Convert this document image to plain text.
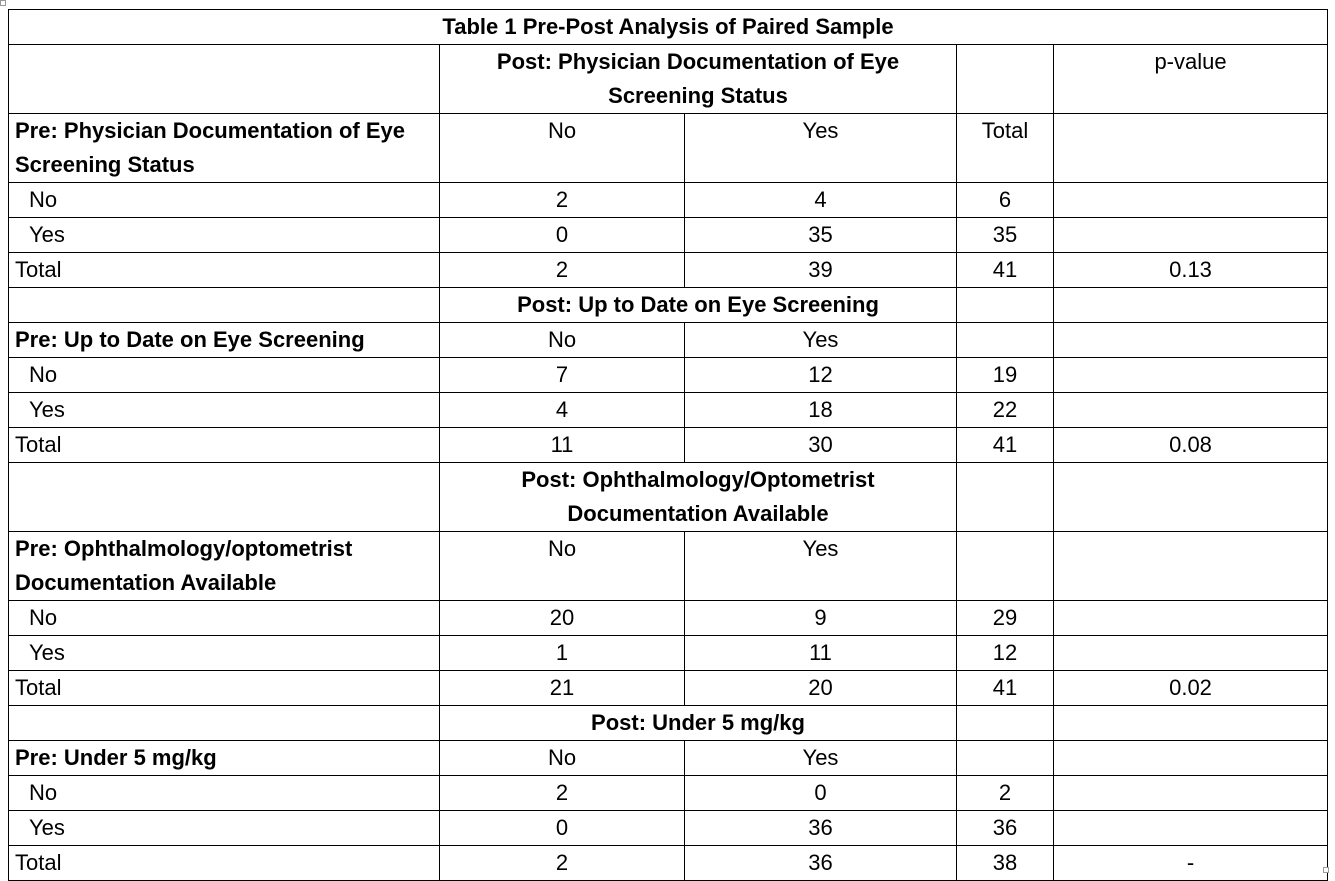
Table 1 Pre-Post Analysis of Paired Sample				
	Post: Physician Documentation of Eye Screening Status			p-value
Pre: Physician Documentation of Eye Screening Status	No	Yes	Total	
No	2	4	6	
Yes	0	35	35	
Total	2	39	41	0.13
	Post: Up to Date on Eye Screening			
Pre: Up to Date on Eye Screening	No	Yes		
No	7	12	19	
Yes	4	18	22	
Total	11	30	41	0.08
	Post: Ophthalmology/Optometrist Documentation Available			
Pre: Ophthalmology/optometrist Documentation Available	No	Yes		
No	20	9	29	
Yes	1	11	12	
Total	21	20	41	0.02
	Post: Under 5 mg/kg			
Pre: Under 5 mg/kg	No	Yes		
No	2	0	2	
Yes	0	36	36	
Total	2	36	38	-
